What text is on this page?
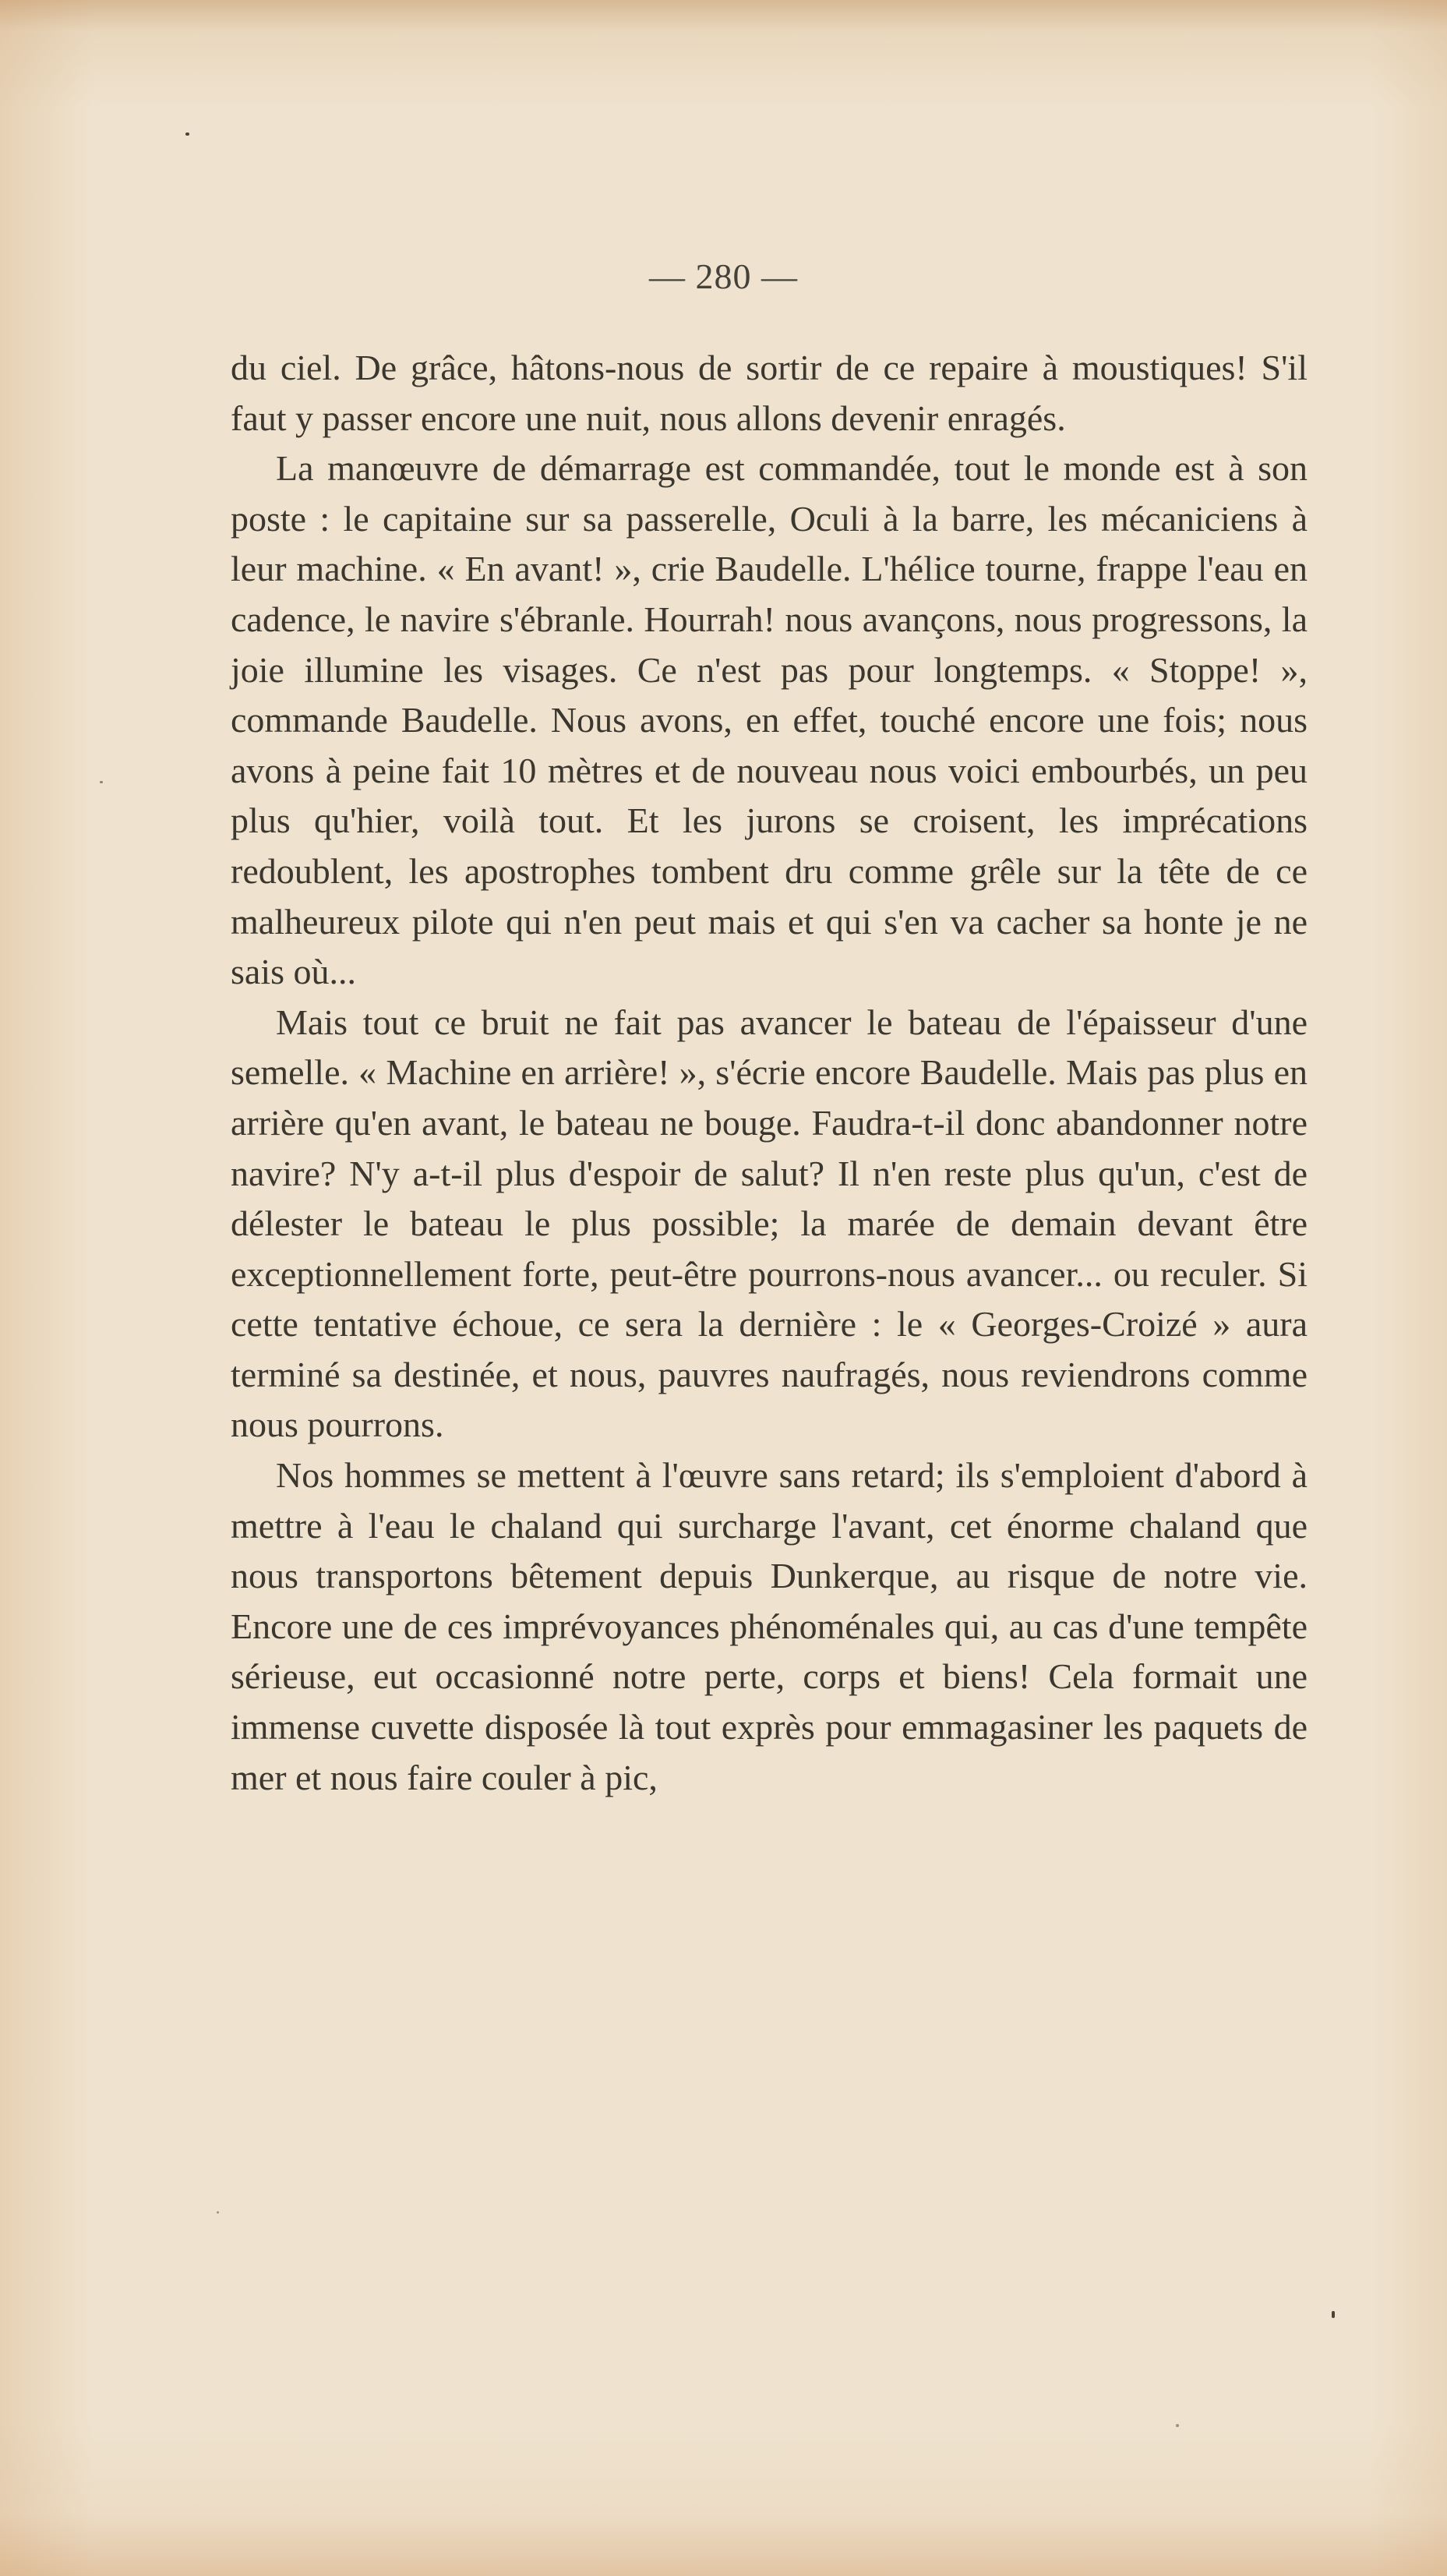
— 280 —

du ciel. De grâce, hâtons-nous de sortir de ce repaire à moustiques! S'il faut y passer encore une nuit, nous allons devenir enragés.

La manœuvre de démarrage est commandée, tout le monde est à son poste : le capitaine sur sa passerelle, Oculi à la barre, les mécaniciens à leur machine. « En avant! », crie Baudelle. L'hélice tourne, frappe l'eau en cadence, le navire s'ébranle. Hourrah! nous avançons, nous progressons, la joie illumine les visages. Ce n'est pas pour longtemps. « Stoppe! », commande Baudelle. Nous avons, en effet, touché encore une fois; nous avons à peine fait 10 mètres et de nouveau nous voici embourbés, un peu plus qu'hier, voilà tout. Et les jurons se croisent, les imprécations redoublent, les apostrophes tombent dru comme grêle sur la tête de ce malheureux pilote qui n'en peut mais et qui s'en va cacher sa honte je ne sais où...

Mais tout ce bruit ne fait pas avancer le bateau de l'épaisseur d'une semelle. « Machine en arrière! », s'écrie encore Baudelle. Mais pas plus en arrière qu'en avant, le bateau ne bouge. Faudra-t-il donc abandonner notre navire? N'y a-t-il plus d'espoir de salut? Il n'en reste plus qu'un, c'est de délester le bateau le plus possible; la marée de demain devant être exceptionnellement forte, peut-être pourrons-nous avancer... ou reculer. Si cette tentative échoue, ce sera la dernière : le « Georges-Croizé » aura terminé sa destinée, et nous, pauvres naufragés, nous reviendrons comme nous pourrons.

Nos hommes se mettent à l'œuvre sans retard; ils s'emploient d'abord à mettre à l'eau le chaland qui surcharge l'avant, cet énorme chaland que nous transportons bêtement depuis Dunkerque, au risque de notre vie. Encore une de ces imprévoyances phénoménales qui, au cas d'une tempête sérieuse, eut occasionné notre perte, corps et biens! Cela formait une immense cuvette disposée là tout exprès pour emmagasiner les paquets de mer et nous faire couler à pic,
